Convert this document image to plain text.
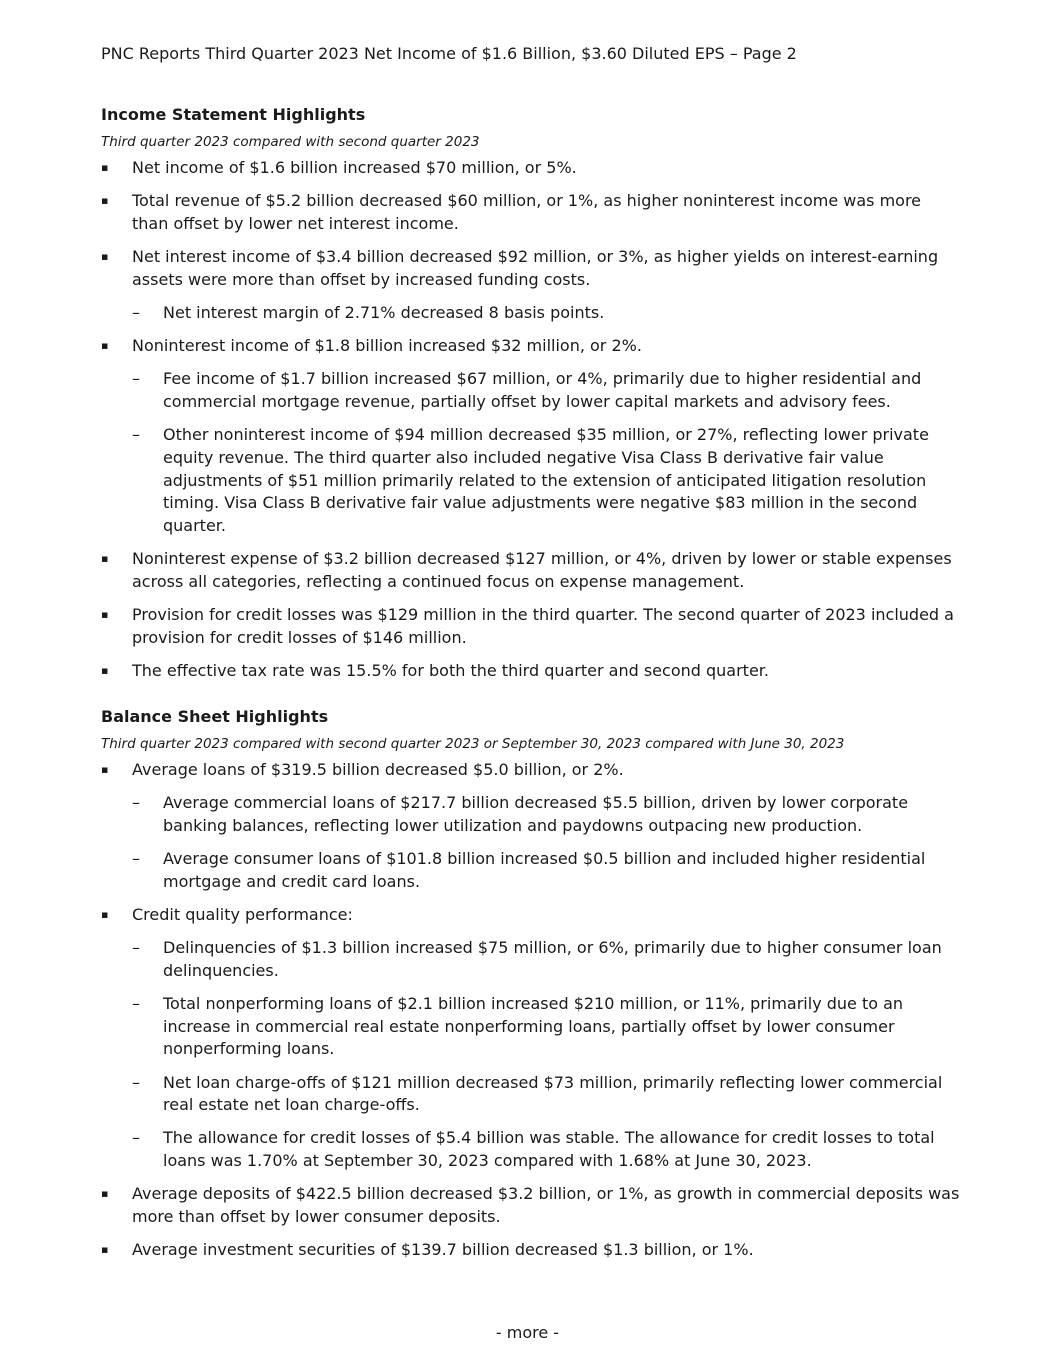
PNC Reports Third Quarter 2023 Net Income of $1.6 Billion, $3.60 Diluted EPS – Page 2
Income Statement Highlights
Third quarter 2023 compared with second quarter 2023
▪ Net income of $1.6 billion increased $70 million, or 5%.
▪ Total revenue of $5.2 billion decreased $60 million, or 1%, as higher noninterest income was more than offset by lower net interest income.
▪ Net interest income of $3.4 billion decreased $92 million, or 3%, as higher yields on interest-earning assets were more than offset by increased funding costs.
– Net interest margin of 2.71% decreased 8 basis points.
▪ Noninterest income of $1.8 billion increased $32 million, or 2%.
– Fee income of $1.7 billion increased $67 million, or 4%, primarily due to higher residential and commercial mortgage revenue, partially offset by lower capital markets and advisory fees.
– Other noninterest income of $94 million decreased $35 million, or 27%, reflecting lower private equity revenue. The third quarter also included negative Visa Class B derivative fair value adjustments of $51 million primarily related to the extension of anticipated litigation resolution timing. Visa Class B derivative fair value adjustments were negative $83 million in the second quarter.
▪ Noninterest expense of $3.2 billion decreased $127 million, or 4%, driven by lower or stable expenses across all categories, reflecting a continued focus on expense management.
▪ Provision for credit losses was $129 million in the third quarter. The second quarter of 2023 included a provision for credit losses of $146 million.
▪ The effective tax rate was 15.5% for both the third quarter and second quarter.
Balance Sheet Highlights
Third quarter 2023 compared with second quarter 2023 or September 30, 2023 compared with June 30, 2023
▪ Average loans of $319.5 billion decreased $5.0 billion, or 2%.
– Average commercial loans of $217.7 billion decreased $5.5 billion, driven by lower corporate banking balances, reflecting lower utilization and paydowns outpacing new production.
– Average consumer loans of $101.8 billion increased $0.5 billion and included higher residential mortgage and credit card loans.
▪ Credit quality performance:
– Delinquencies of $1.3 billion increased $75 million, or 6%, primarily due to higher consumer loan delinquencies.
– Total nonperforming loans of $2.1 billion increased $210 million, or 11%, primarily due to an increase in commercial real estate nonperforming loans, partially offset by lower consumer nonperforming loans.
– Net loan charge-offs of $121 million decreased $73 million, primarily reflecting lower commercial real estate net loan charge-offs.
– The allowance for credit losses of $5.4 billion was stable. The allowance for credit losses to total loans was 1.70% at September 30, 2023 compared with 1.68% at June 30, 2023.
▪ Average deposits of $422.5 billion decreased $3.2 billion, or 1%, as growth in commercial deposits was more than offset by lower consumer deposits.
▪ Average investment securities of $139.7 billion decreased $1.3 billion, or 1%.
- more -
